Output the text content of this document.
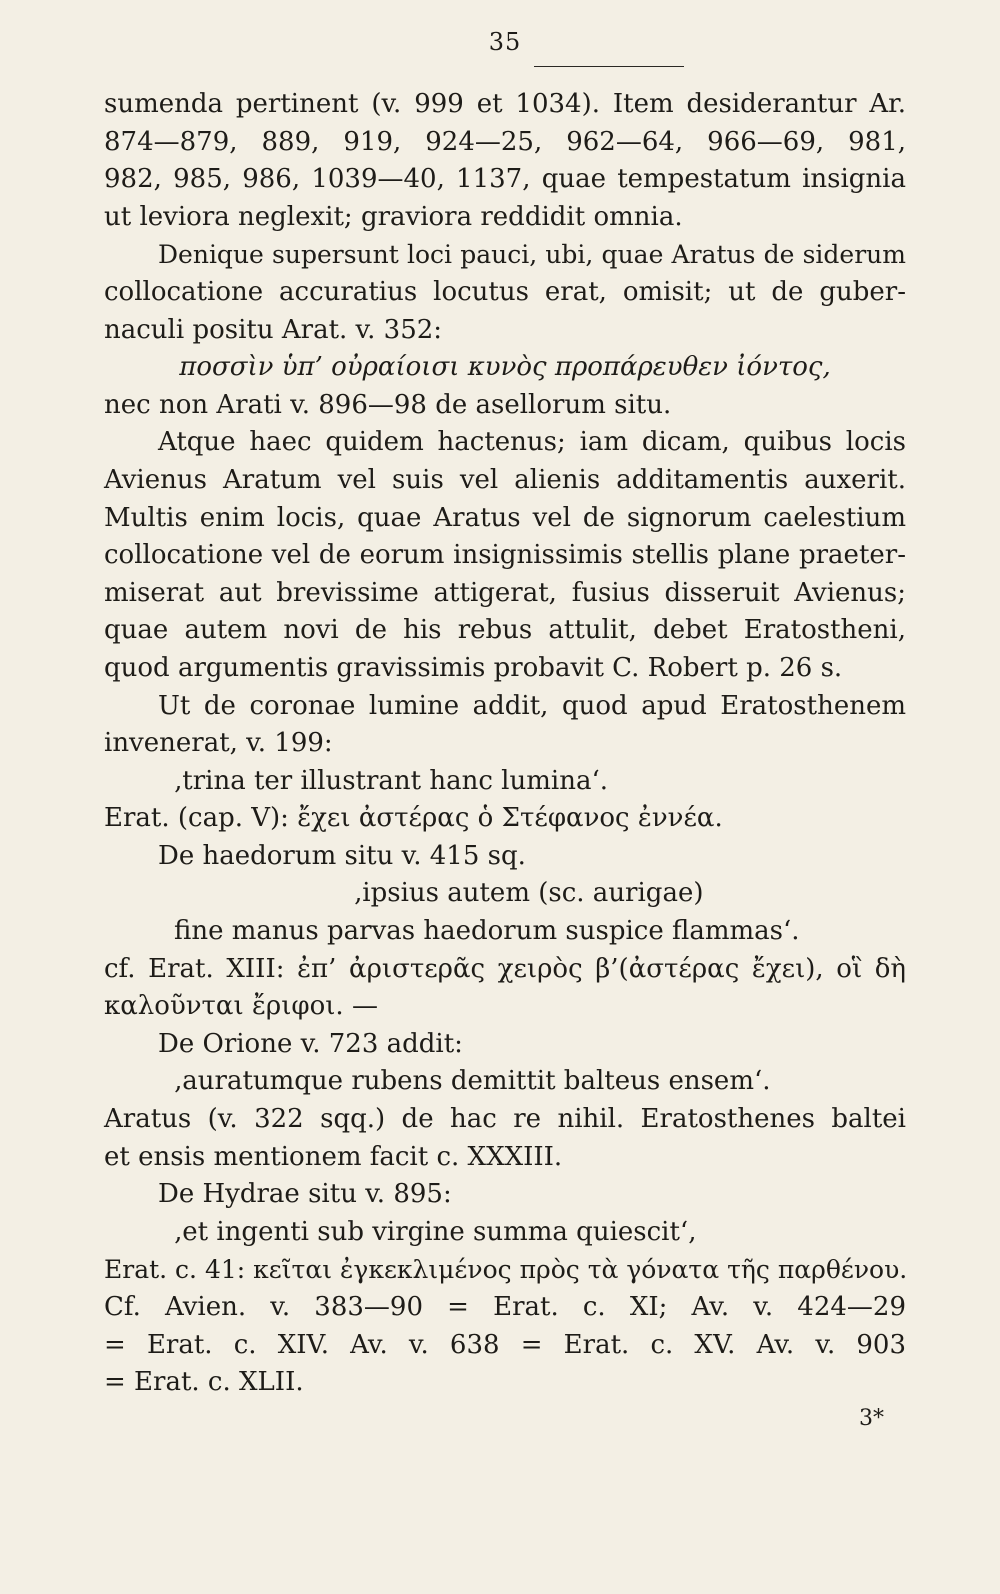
35
sumenda pertinent (v. 999 et 1034). Item desiderantur Ar.
874—879, 889, 919, 924—25, 962—64, 966—69, 981,
982, 985, 986, 1039—40, 1137, quae tempestatum insignia
ut leviora neglexit; graviora reddidit omnia.
Denique supersunt loci pauci, ubi, quae Aratus de siderum
collocatione accuratius locutus erat, omisit; ut de guber-
naculi positu Arat. v. 352:
ποσσὶν ὑπ’ οὐραίοισι κυνὸς προπάρευθεν ἰόντος,
nec non Arati v. 896—98 de asellorum situ.
Atque haec quidem hactenus; iam dicam, quibus locis
Avienus Aratum vel suis vel alienis additamentis auxerit.
Multis enim locis, quae Aratus vel de signorum caelestium
collocatione vel de eorum insignissimis stellis plane praeter-
miserat aut brevissime attigerat, fusius disseruit Avienus;
quae autem novi de his rebus attulit, debet Eratostheni,
quod argumentis gravissimis probavit C. Robert p. 26 s.
Ut de coronae lumine addit, quod apud Eratosthenem
invenerat, v. 199:
‚trina ter illustrant hanc lumina‘.
Erat. (cap. V): ἔχει ἀστέρας ὁ Στέφανος ἐννέα.
De haedorum situ v. 415 sq.
‚ipsius autem (sc. aurigae)
fine manus parvas haedorum suspice flammas‘.
cf. Erat. XIII: ἐπ’ ἀριστερᾶς χειρὸς β’(ἀστέρας ἔχει), οἳ δὴ
καλοῦνται ἔριφοι. —
De Orione v. 723 addit:
‚auratumque rubens demittit balteus ensem‘.
Aratus (v. 322 sqq.) de hac re nihil. Eratosthenes baltei
et ensis mentionem facit c. XXXIII.
De Hydrae situ v. 895:
‚et ingenti sub virgine summa quiescit‘,
Erat. c. 41: κεῖται ἐγκεκλιμένος πρὸς τὰ γόνατα τῆς παρθένου.
Cf. Avien. v. 383—90 = Erat. c. XI; Av. v. 424—29
= Erat. c. XIV. Av. v. 638 = Erat. c. XV. Av. v. 903
= Erat. c. XLII.
3*
